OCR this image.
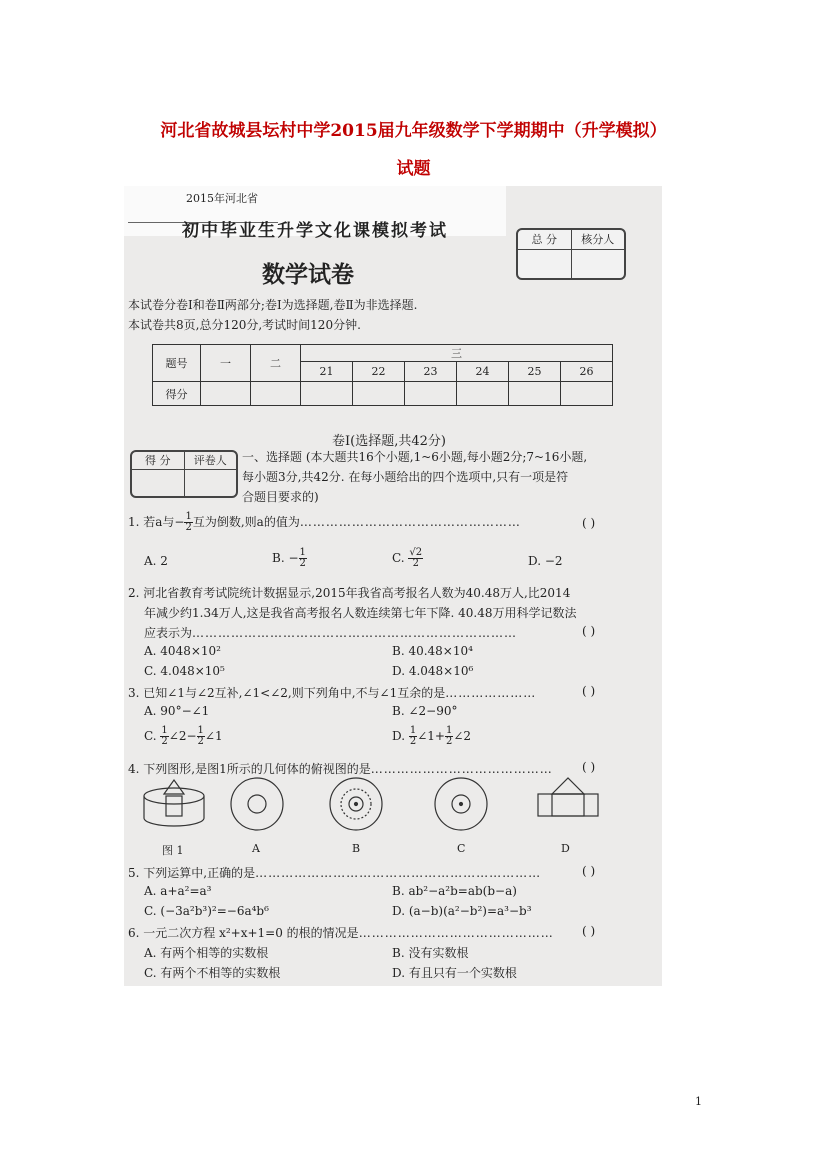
河北省故城县坛村中学2015届九年级数学下学期期中（升学模拟）
试题
2015年河北省
初中毕业生升学文化课模拟考试
数学试卷
总 分	核分人
本试卷分卷Ⅰ和卷Ⅱ两部分;卷Ⅰ为选择题,卷Ⅱ为非选择题.
本试卷共8页,总分120分,考试时间120分钟.
题号	一	二	三					
			21	22	23	24	25	26
得分								
卷Ⅰ(选择题,共42分)
得 分	评卷人	一、选择题 (本大题共16个小题,1~6小题,每小题2分;7~16小题,
每小题3分,共42分. 在每小题给出的四个选项中,只有一项是符
合题目要求的)
1. 若a与− $\frac{1}{2}$ 互为倒数,则a的值为……………………………………………	( )
A. 2	B. − $\frac{1}{2}$	C. $\frac{√2}{2}$	D. −2
2. 河北省教育考试院统计数据显示,2015年我省高考报名人数为40.48万人,比2014
年减少约1.34万人,这是我省高考报名人数连续第七年下降. 40.48万用科学记数法
应表示为…………………………………………………………………	( )
A. 4048×10²	B. 40.48×10⁴
C. 4.048×10⁵	D. 4.048×10⁶
3. 已知∠1与∠2互补,∠1<∠2,则下列角中,不与∠1互余的是…………………	( )
A. 90°−∠1	B. ∠2−90°
C. $\frac{1}{2}$ ∠2− $\frac{1}{2}$ ∠1	D. $\frac{1}{2}$ ∠1+ $\frac{1}{2}$ ∠2
4. 下列图形,是图1所示的几何体的俯视图的是…………………………………… ( )
图 1	A	B	C	D
5. 下列运算中,正确的是…………………………………………………………	( )
A. a+a²=a³	B. ab²−a²b=ab(b−a)
C. (−3a²b³)²=−6a⁴b⁶	D. (a−b)(a²−b²)=a³−b³
6. 一元二次方程 x²+x+1=0 的根的情况是……………………………………… ( )
A. 有两个相等的实数根	B. 没有实数根
C. 有两个不相等的实数根	D. 有且只有一个实数根
1
